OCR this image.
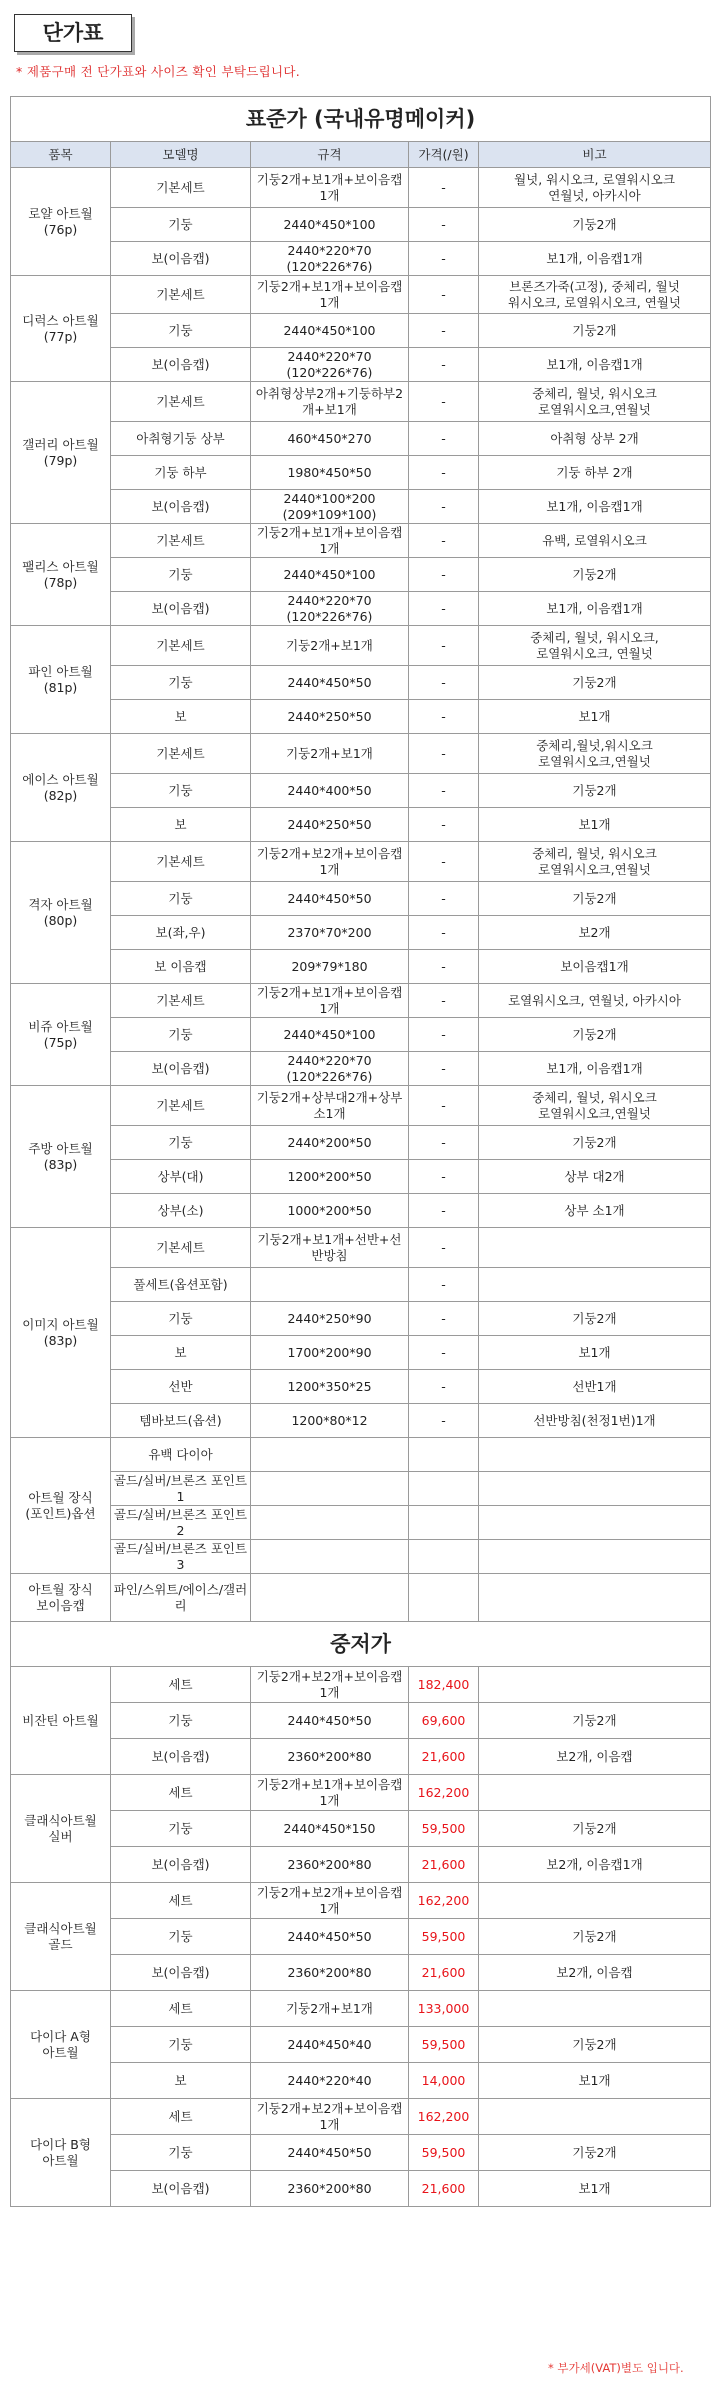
단가표
* 제품구매 전 단가표와 사이즈 확인 부탁드립니다.
표준가 (국내유명메이커)				
품목	모델명	규격	가격(/원)	비고
로얄 아트월
(76p)	기본세트	기둥2개+보1개+보이음캡1개	-	월넛, 워시오크, 로열워시오크
연월넛, 아카시아
	기둥	2440*450*100	-	기둥2개
	보(이음캡)	2440*220*70
(120*226*76)	-	보1개, 이음캡1개
디럭스 아트월
(77p)	기본세트	기둥2개+보1개+보이음캡1개	-	브론즈가죽(고정), 중체리, 월넛
워시오크, 로열워시오크, 연월넛
	기둥	2440*450*100	-	기둥2개
	보(이음캡)	2440*220*70
(120*226*76)	-	보1개, 이음캡1개
갤러리 아트월
(79p)	기본세트	아취형상부2개+기둥하부2개+보1개	-	중체리, 월넛, 워시오크
로열워시오크,연월넛
	아취형기둥 상부	460*450*270	-	아취형 상부 2개
	기둥 하부	1980*450*50	-	기둥 하부 2개
	보(이음캡)	2440*100*200
(209*109*100)	-	보1개, 이음캡1개
팰리스 아트월
(78p)	기본세트	기둥2개+보1개+보이음캡1개	-	유백, 로열워시오크
	기둥	2440*450*100	-	기둥2개
	보(이음캡)	2440*220*70
(120*226*76)	-	보1개, 이음캡1개
파인 아트월
(81p)	기본세트	기둥2개+보1개	-	중체리, 월넛, 워시오크,
로열워시오크, 연월넛
	기둥	2440*450*50	-	기둥2개
	보	2440*250*50	-	보1개
에이스 아트월
(82p)	기본세트	기둥2개+보1개	-	중체리,월넛,워시오크
로열워시오크,연월넛
	기둥	2440*400*50	-	기둥2개
	보	2440*250*50	-	보1개
격자 아트월
(80p)	기본세트	기둥2개+보2개+보이음캡1개	-	중체리, 월넛, 워시오크
로열워시오크,연월넛
	기둥	2440*450*50	-	기둥2개
	보(좌,우)	2370*70*200	-	보2개
	보 이음캡	209*79*180	-	보이음캡1개
비쥬 아트월
(75p)	기본세트	기둥2개+보1개+보이음캡1개	-	로열워시오크, 연월넛, 아카시아
	기둥	2440*450*100	-	기둥2개
	보(이음캡)	2440*220*70
(120*226*76)	-	보1개, 이음캡1개
주방 아트월
(83p)	기본세트	기둥2개+상부대2개+상부소1개	-	중체리, 월넛, 워시오크
로열워시오크,연월넛
	기둥	2440*200*50	-	기둥2개
	상부(대)	1200*200*50	-	상부 대2개
	상부(소)	1000*200*50	-	상부 소1개
이미지 아트월
(83p)	기본세트	기둥2개+보1개+선반+선반방침	-	
	풀세트(옵션포함)		-	
	기둥	2440*250*90	-	기둥2개
	보	1700*200*90	-	보1개
	선반	1200*350*25	-	선반1개
	템바보드(옵션)	1200*80*12	-	선반방침(천정1번)1개
아트월 장식
(포인트)옵션	유백 다이아			
	골드/실버/브론즈 포인트1			
	골드/실버/브론즈 포인트2			
	골드/실버/브론즈 포인트3			
아트월 장식
보이음캡	파인/스위트/에이스/갤러리			
중저가				
비잔틴 아트월	세트	기둥2개+보2개+보이음캡1개	182,400	
	기둥	2440*450*50	69,600	기둥2개
	보(이음캡)	2360*200*80	21,600	보2개, 이음캡
클래식아트월
실버	세트	기둥2개+보1개+보이음캡1개	162,200	
	기둥	2440*450*150	59,500	기둥2개
	보(이음캡)	2360*200*80	21,600	보2개, 이음캡1개
클래식아트월
골드	세트	기둥2개+보2개+보이음캡1개	162,200	
	기둥	2440*450*50	59,500	기둥2개
	보(이음캡)	2360*200*80	21,600	보2개, 이음캡
다이다 A형
아트월	세트	기둥2개+보1개	133,000	
	기둥	2440*450*40	59,500	기둥2개
	보	2440*220*40	14,000	보1개
다이다 B형
아트월	세트	기둥2개+보2개+보이음캡1개	162,200	
	기둥	2440*450*50	59,500	기둥2개
	보(이음캡)	2360*200*80	21,600	보1개
* 부가세(VAT)별도 입니다.
